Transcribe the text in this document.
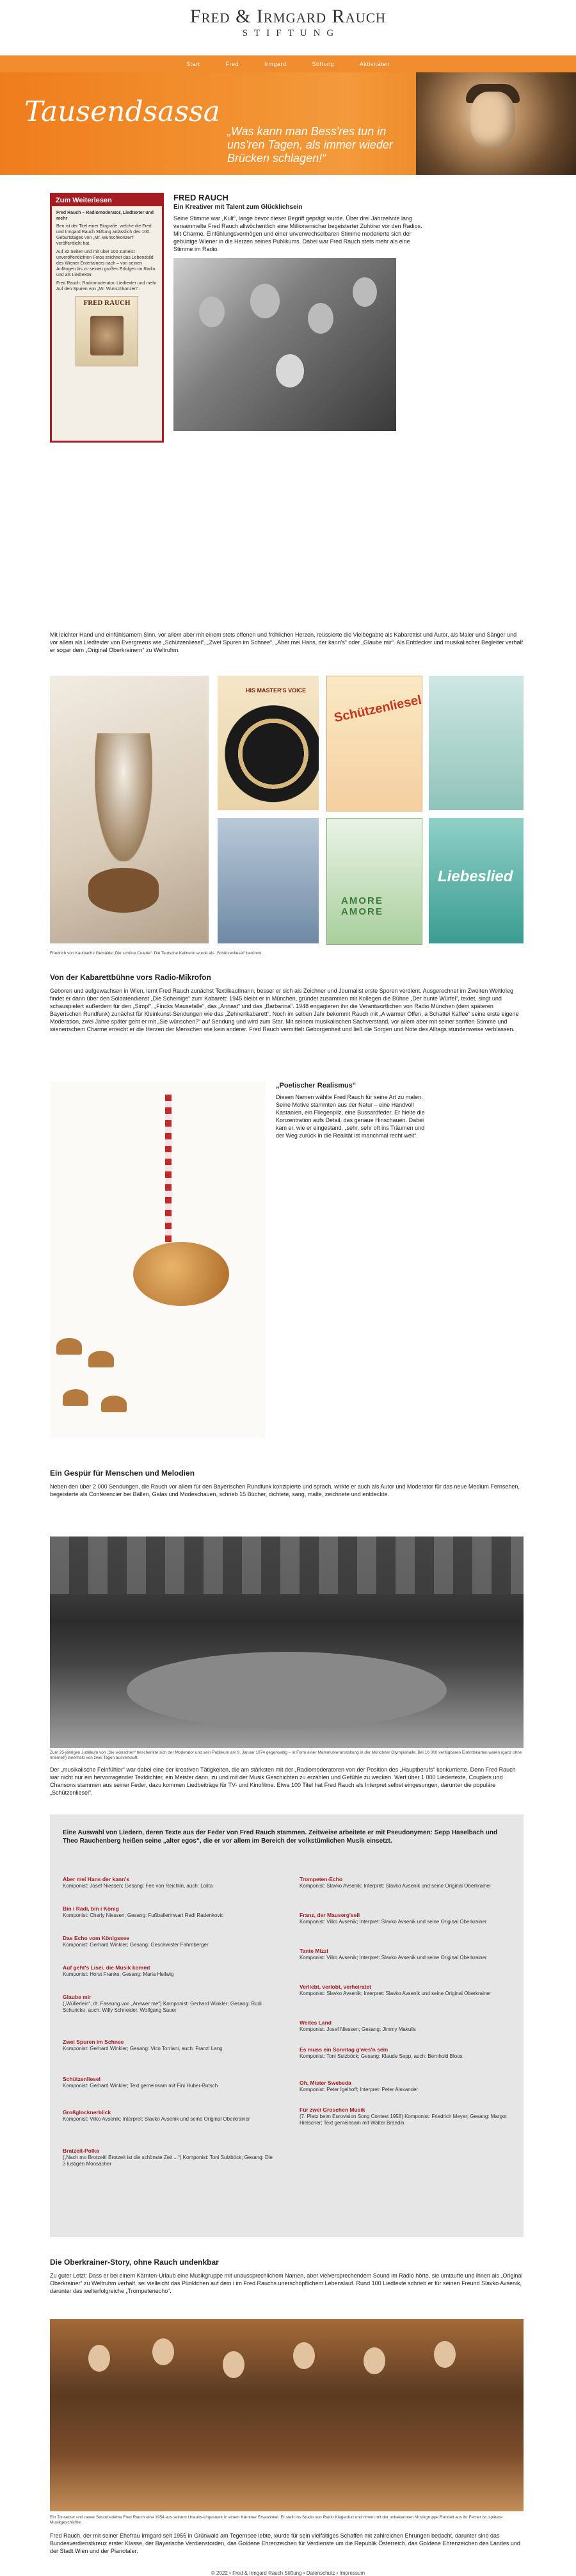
Fred & Irmgard Rauch
STIFTUNG
Start	Fred	Irmgard	Stiftung	Aktivitäten
Tausendsassa
„Was kann man Bess'res tun in uns'ren Tagen, als immer wieder Brücken schlagen!“
Zum Weiterlesen
Fred Rauch – Radiomoderator, Liedtexter und mehr

Ben ist der Titel einer Biografie, welche die Fred und Irmgard Rauch Stiftung anlässlich des 100. Geburtstages von „Mr. Wunschkonzert“ veröffentlicht hat.

Auf 32 Seiten und mit über 100 zumeist unveröffentlichten Fotos zeichnet das Lebensbild des Wiener Entertainers nach – von seinen Anfängen bis zu seinen großen Erfolgen im Radio und als Liedtexter.

Fred Rauch: Radiomoderator, Liedtexter und mehr. Auf den Spuren von „Mr. Wunschkonzert“.

FRED RAUCH
FRED RAUCH
Ein Kreativer mit Talent zum Glücklichsein

Seine Stimme war „Kult“, lange bevor dieser Begriff geprägt wurde. Über drei Jahrzehnte lang versammelte Fred Rauch allwöchentlich eine Millionenschar begeisterter Zuhörer vor den Radios. Mit Charme, Einfühlungsvermögen und einer unverwechselbaren Stimme moderierte sich der gebürtige Wiener in die Herzen seines Publikums. Dabei war Fred Rauch stets mehr als eine Stimme im Radio.

Mit leichter Hand und einfühlsamem Sinn, vor allem aber mit einem stets offenen und fröhlichen Herzen, reüssierte die Vielbegabte als Kabarettist und Autor, als Maler und Sänger und vor allem als Liedtexter von Evergreens wie „Schützenliesel“, „Zwei Spuren im Schnee“, „Aber mei Hans, der kann's“ oder „Glaube mir“. Als Entdecker und musikalischer Begleiter verhalf er sogar dem „Original Oberkrainern“ zu Weltruhm.

HIS MASTER'S VOICE
Schützenliesel
AMORE AMORE
Liebeslied
Friedrich von Kaulbachs Gemälde „Die schöne Colette“. Die Teutsche Kellnerin wurde als „Schützenliesel“ berühmt.
Von der Kabarettbühne vors Radio-Mikrofon

Geboren und aufgewachsen in Wien, lernt Fred Rauch zunächst Textilkaufmann, besser er sich als Zeichner und Journalist erste Sporen verdient. Ausgerechnet im Zweiten Weltkrieg findet er dann über den Soldatendienst „Die Scheinige“ zum Kabarett: 1945 bleibt er in München, gründet zusammen mit Kollegen die Bühne „Der bunte Würfel“, textet, singt und schauspielert außerdem für den „Simpl“, „Fincks Mausefalle“, das „Annast“ und das „Barbarina“. 1948 engagieren ihn die Verantwortlichen von Radio München (dem späteren Bayerischen Rundfunk) zunächst für Kleinkunst-Sendungen wie das „Zehnerlkabarett“. Noch im selben Jahr bekommt Rauch mit „A warmer Offen, a Schattel Kaffee“ seine erste eigene Moderation, zwei Jahre später geht er mit „Sie wünschen?“ auf Sendung und wird zum Star. Mit seinem musikalischen Sachverstand, vor allem aber mit seiner sanften Stimme und wienerischem Charme erreicht er die Herzen der Menschen wie kein anderer. Fred Rauch vermittelt Geborgenheit und ließ die Sorgen und Nöte des Alltags stundenweise verblassen.

„Poetischer Realismus“

Diesen Namen wählte Fred Rauch für seine Art zu malen. Seine Motive stammten aus der Natur – eine Handvoll Kastanien, ein Fliegenpilz, eine Bussardfeder. Er hielte die Konzentration aufs Detail, das genaue Hinschauen. Dabei kam er, wie er eingestand, „sehr, sehr oft ins Träumen und der Weg zurück in die Realität ist manchmal recht weit“.

Ein Gespür für Menschen und Melodien

Neben den über 2 000 Sendungen, die Rauch vor allem für den Bayerischen Rundfunk konzipierte und sprach, wirkte er auch als Autor und Moderator für das neue Medium Fernsehen, begeisterte als Conférencier bei Bällen, Galas und Modeschauen, schrieb 15 Bücher, dichtete, sang, malte, zeichnete und entdeckte.

Zum 25-jährigen Jubiläum von „Sie wünschen“ beschenkte sich der Moderator und sein Publikum am 9. Januar 1974 gegenseitig – in Form einer Mammutveranstaltung in der Münchner Olympiahalle. Bei 10 000 verfügbaren Eintrittskarten waren (ganz ohne Internet!) innerhalb von zwei Tagen ausverkauft.

Der „musikalische Feinfühler“ war dabei eine der kreativen Tätigkeiten, die am stärksten mit der „Radiomoderatoren von der Position des „Hauptberufs“ konkurrierte. Denn Fred Rauch war nicht nur ein hervorragender Textdichter, ein Meister dann, zu und mit der Musik Geschichten zu erzählen und Gefühle zu wecken. Wert über 1 000 Liedertexte, Couplets und Chansons stammen aus seiner Feder, dazu kommen Liedbeiträge für TV- und Kinofilme. Etwa 100 Titel hat Fred Rauch als Interpret selbst eingesungen, darunter die populäre „Schützenliesel“.

Eine Auswahl von Liedern, deren Texte aus der Feder von Fred Rauch stammen. Zeitweise arbeitete er mit Pseudonymen: Sepp Haselbach und Theo Rauchenberg heißen seine „alter egos“, die er vor allem im Bereich der volkstümlichen Musik einsetzt.
Aber mei Hans der kann's
Komponist: Josef Niessen; Gesang: Fee von Reichlin, auch: Lolita
Bin i Radi, bin i König
Komponist: Charly Niessen; Gesang: Fußballerinwart Radi Radenkovic
Das Echo vom Königssee
Komponist: Gerhard Winkler; Gesang: Geschwister Fahrnberger
Auf geht's Lisei, die Musik kommt
Komponist: Horst Franke; Gesang: Maria Hellwig
Glaube mir
(„Wüllerlein“, dt. Fassung von „Answer me“) Komponist: Gerhard Winkler; Gesang: Rudi Schuricke, auch: Willy Schneider, Wolfgang Sauer
Zwei Spuren im Schnee
Komponist: Gerhard Winkler; Gesang: Vico Torriani, auch: Franzl Lang
Schützenliesel
Komponist: Gerhard Winkler; Text gemeinsam mit Fini Huber-Butsch
Großglocknerblick
Komponist: Vilko Avsenik; Interpret: Slavko Avsenik und seine Original Oberkrainer
Bratzeit-Polka
(„Nach mo Brotzeit! Brotzeit ist die schönste Zeit ...“) Komponist: Toni Sulzböck; Gesang: Die 3 lustigen Moosacher
Trompeten-Echo
Komponist: Slavko Avsenik; Interpret: Slavko Avsenik und seine Original Oberkrainer
Franz, der Mauserg'sell
Komponist: Vilko Avsenik; Interpret: Slavko Avsenik und seine Original Oberkrainer
Tante Mizzi
Komponist: Vilko Avsenik; Interpret: Slavko Avsenik und seine Original Oberkrainer
Verliebt, verlobt, verheiratet
Komponist: Slavko Avsenik; Interpret: Slavko Avsenik und seine Original Oberkrainer
Weites Land
Komponist: Josef Niessen; Gesang: Jimmy Makulis
Es muss ein Sonntag g'wes'n sein
Komponist: Toni Sulzböck; Gesang: Klaude Sepp, auch: Bernhold Bloos
Oh, Mister Swebeda
Komponist: Peter Igelhoff; Interpret: Peter Alexander
Für zwei Groschen Musik
(7. Platz beim Eurovision Song Contest 1958) Komponist: Friedrich Meyer; Gesang: Margot Hielscher; Text gemeinsam mit Walter Brandin
Die Oberkrainer-Story, ohne Rauch undenkbar

Zu guter Letzt: Dass er bei einem Kärnten-Urlaub eine Musikgruppe mit unaussprechlichem Namen, aber vielversprechendem Sound im Radio hörte, sie umtaufte und ihnen als „Original Oberkrainer“ zu Weltruhm verhalf, sei vielleicht das Pünktchen auf dem i im Fred Rauchs unerschöpflichem Lebenslauf. Rund 100 Liedtexte schrieb er für seinen Freund Slavko Avsenik, darunter das welterfolgreiche „Trompetenecho“.

Ein Tonsetzer und neuer Sound erlebte Fred Rauch eine 1954 aus seinem Urlaubs-Urgesnurk in einem Kärntner Ersatzlokal. Er stellt ins Studio von Radio Klagenfurt und nimmt mit der unbekannten Musikgruppe Rundelt aus ihr Ferner ist ‚spätere Musikgeschichte‘.

Fred Rauch, der mit seiner Ehefrau Irmgard seit 1955 in Grünwald am Tegernsee lebte, wurde für sein vielfältiges Schaffen mit zahlreichen Ehrungen bedacht, darunter sind das Bundesverdienstkreuz erster Klasse, der Bayerische Verdienstorden, das Goldene Ehrenzeichen für Verdienste um die Republik Österreich, das Goldene Ehrenzeichen des Landes und der Stadt Wien und der Pianotaler.

© 2022 • Fred & Irmgard Rauch Stiftung • Datenschutz • Impressum
